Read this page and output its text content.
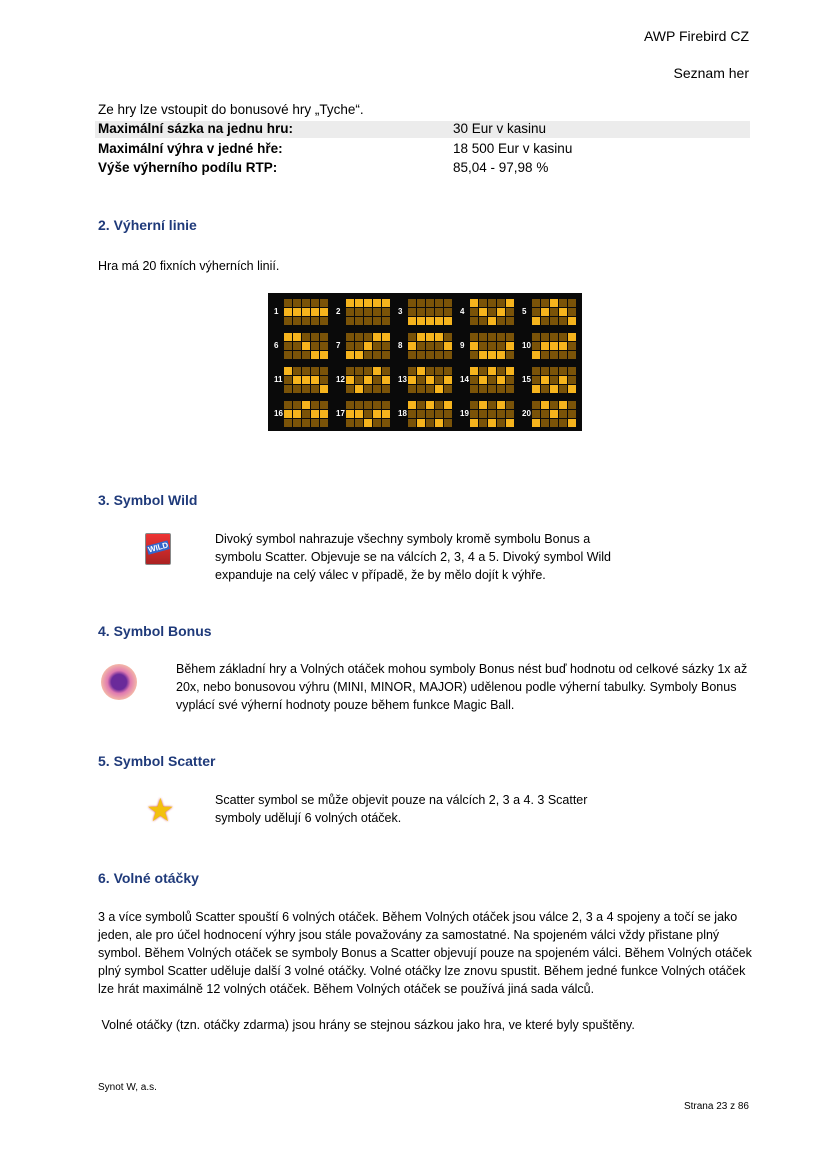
AWP Firebird CZ
Seznam her
Ze hry lze vstoupit do bonusové hry „Tyche“.
Maximální sázka na jednu hru:	30 Eur v kasinu
Maximální výhra v jedné hře:	18 500 Eur v kasinu
Výše výherního podílu RTP:	85,04 - 97,98 %
2. Výherní linie
Hra má 20 fixních výherních linií.
1	2	3	4	5
6	7	8	9	10
11	12	13	14	15
16	17	18	19	20
3. Symbol Wild
WILD
Divoký symbol nahrazuje všechny symboly kromě symbolu Bonus a symbolu Scatter. Objevuje se na válcích 2, 3, 4 a 5. Divoký symbol Wild expanduje na celý válec v případě, že by mělo dojít k výhře.
4. Symbol Bonus
Během základní hry a Volných otáček mohou symboly Bonus nést buď hodnotu od celkové sázky 1x až 20x, nebo bonusovou výhru (MINI, MINOR, MAJOR) udělenou podle výherní tabulky. Symboly Bonus vyplácí své výherní hodnoty pouze během funkce Magic Ball.
5. Symbol Scatter
★	Scatter symbol se může objevit pouze na válcích 2, 3 a 4. 3 Scatter symboly udělují 6 volných otáček.
6. Volné otáčky
3 a více symbolů Scatter spouští 6 volných otáček. Během Volných otáček jsou válce 2, 3 a 4 spojeny a točí se jako jeden, ale pro účel hodnocení výhry jsou stále považovány za samostatné. Na spojeném válci vždy přistane plný symbol. Během Volných otáček se symboly Bonus a Scatter objevují pouze na spojeném válci. Během Volných otáček plný symbol Scatter uděluje další 3 volné otáčky. Volné otáčky lze znovu spustit. Během jedné funkce Volných otáček lze hrát maximálně 12 volných otáček. Během Volných otáček se používá jiná sada válců.
Volné otáčky (tzn. otáčky zdarma) jsou hrány se stejnou sázkou jako hra, ve které byly spuštěny.
Synot W, a.s.
Strana 23 z 86
